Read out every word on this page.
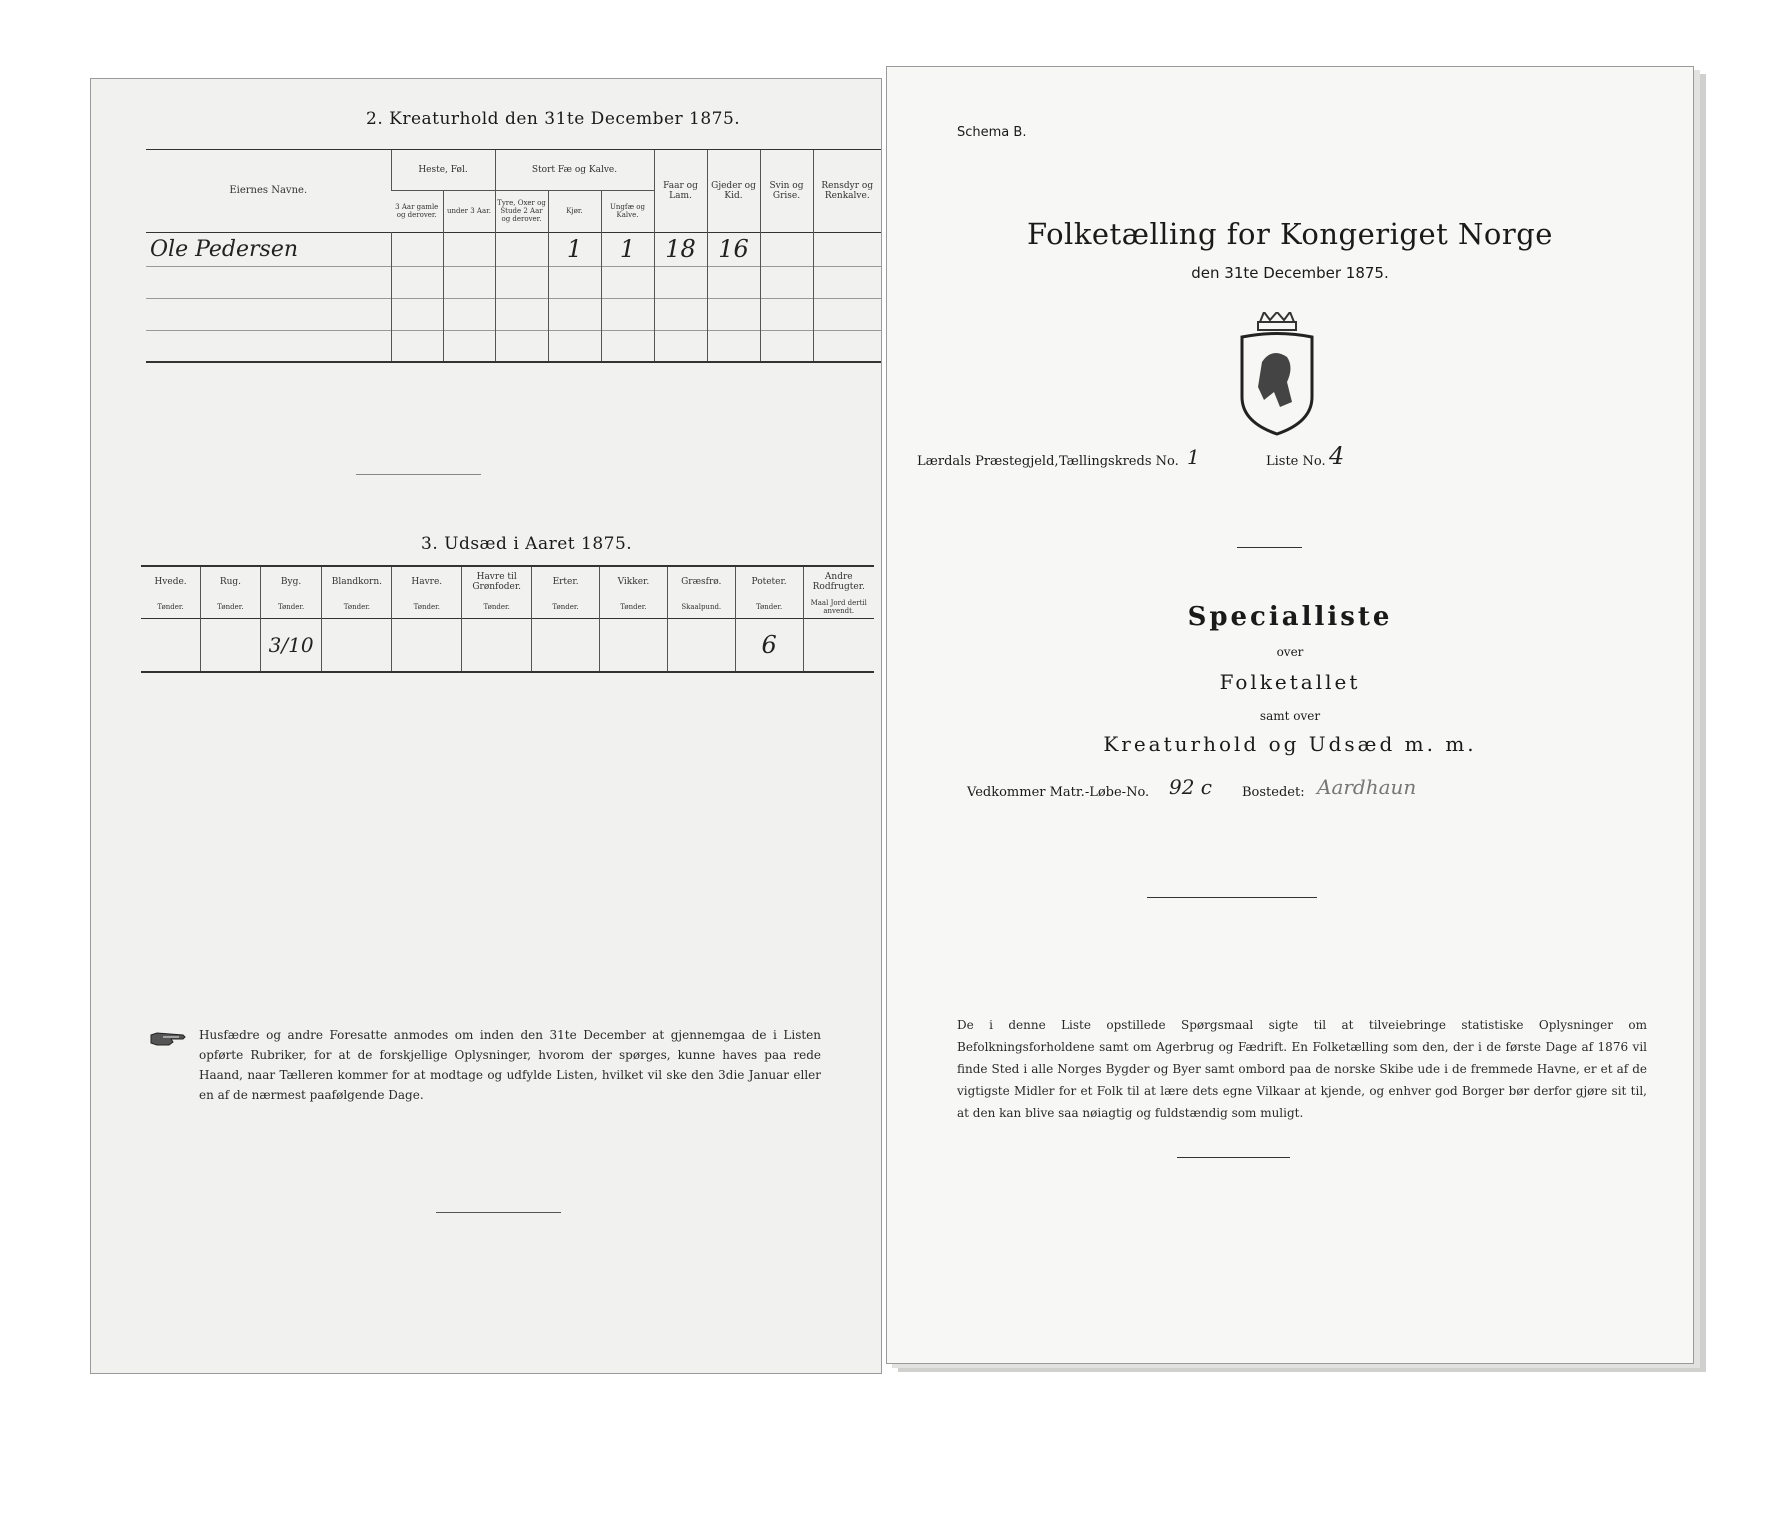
2. Kreaturhold den 31te December 1875.
Eiernes Navne.	Heste, Føl.		Stort Fæ og Kalve.			Faar og Lam.	Gjeder og Kid.	Svin og Grise.	Rensdyr og Renkalve.
	3 Aar gamle og derover.	under 3 Aar.	Tyre, Oxer og Stude 2 Aar og derover.	Kjør.	Ungfæ og Kalve.				
Ole Pedersen				1	1	18	16		

3. Udsæd i Aaret 1875.
Hvede.	Rug.	Byg.	Blandkorn.	Havre.	Havre til Grønfoder.	Erter.	Vikker.	Græsfrø.	Poteter.	Andre Rodfrugter.
Tønder.	Tønder.	Tønder.	Tønder.	Tønder.	Tønder.	Tønder.	Tønder.	Skaalpund.	Tønder.	Maal Jord dertil anvendt.
		3/10							6	
Husfædre og andre Foresatte anmodes om inden den 31te December at gjennemgaa de i Listen opførte Rubriker, for at de forskjellige Oplysninger, hvorom der spørges, kunne haves paa rede Haand, naar Tælleren kommer for at modtage og udfylde Listen, hvilket vil ske den 3die Januar eller en af de nærmest paafølgende Dage.
Schema B.
Folketælling for Kongeriget Norge
den 31te December 1875.
Lærdals Præstegjeld, Tællingskreds No. 1	Liste No. 4
Specialliste
over
Folketallet
samt over
Kreaturhold og Udsæd m. m.
Vedkommer Matr.-Løbe-No. 92 c Bostedet: Aardhaun
De i denne Liste opstillede Spørgsmaal sigte til at tilveiebringe statistiske Oplysninger om Befolkningsforholdene samt om Agerbrug og Fædrift. En Folketælling som den, der i de første Dage af 1876 vil finde Sted i alle Norges Bygder og Byer samt ombord paa de norske Skibe ude i de fremmede Havne, er et af de vigtigste Midler for et Folk til at lære dets egne Vilkaar at kjende, og enhver god Borger bør derfor gjøre sit til, at den kan blive saa nøiagtig og fuldstændig som muligt.
